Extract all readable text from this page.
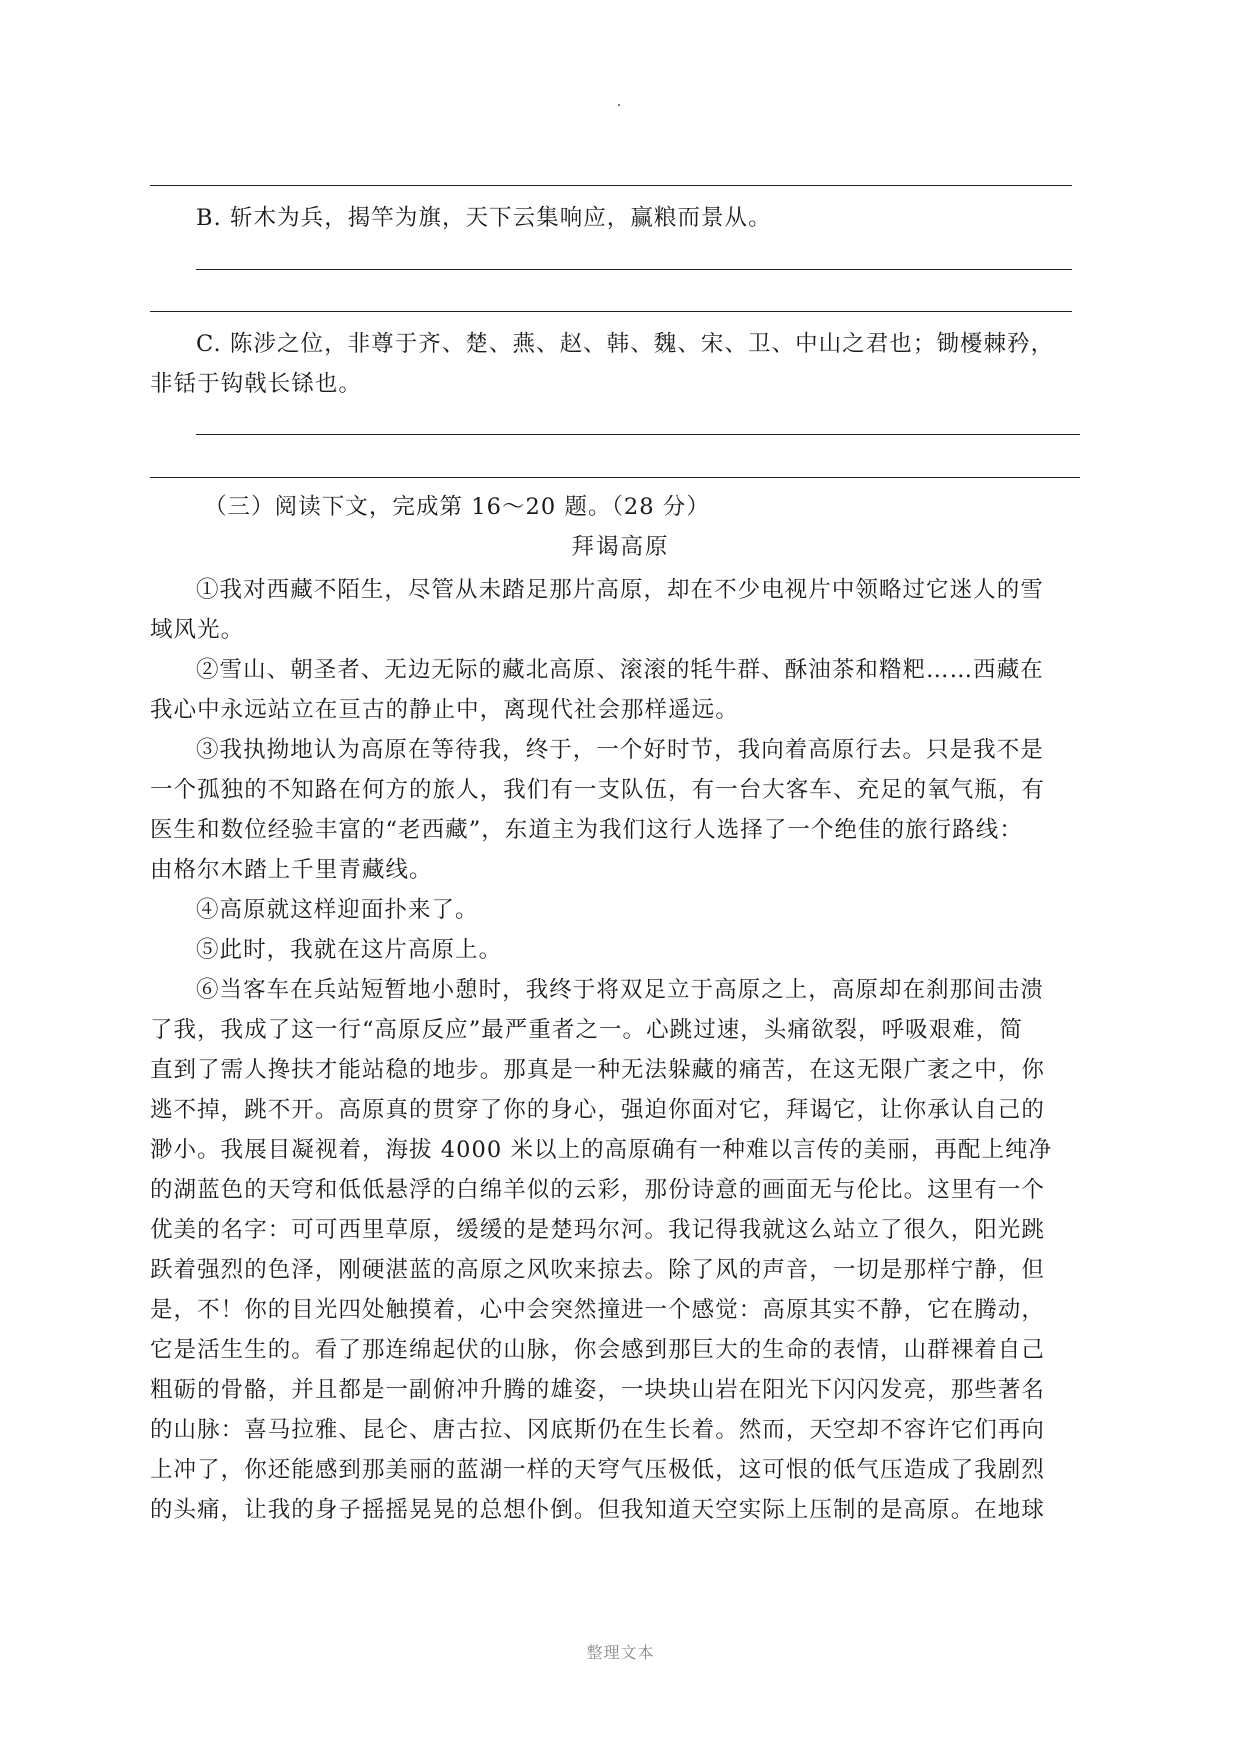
B. 斩木为兵，揭竿为旗，天下云集响应，赢粮而景从。
C. 陈涉之位，非尊于齐、楚、燕、赵、韩、魏、宋、卫、中山之君也；锄櫌棘矜，
非铦于钩戟长铩也。
（三）阅读下文，完成第 16～20 题。（28 分）
拜谒高原
①我对西藏不陌生，尽管从未踏足那片高原，却在不少电视片中领略过它迷人的雪
域风光。
②雪山、朝圣者、无边无际的藏北高原、滚滚的牦牛群、酥油茶和糌粑……西藏在
我心中永远站立在亘古的静止中，离现代社会那样遥远。
③我执拗地认为高原在等待我，终于，一个好时节，我向着高原行去。只是我不是
一个孤独的不知路在何方的旅人，我们有一支队伍，有一台大客车、充足的氧气瓶，有
医生和数位经验丰富的“老西藏”，东道主为我们这行人选择了一个绝佳的旅行路线：
由格尔木踏上千里青藏线。
④高原就这样迎面扑来了。
⑤此时，我就在这片高原上。
⑥当客车在兵站短暂地小憩时，我终于将双足立于高原之上，高原却在刹那间击溃
了我，我成了这一行“高原反应”最严重者之一。心跳过速，头痛欲裂，呼吸艰难，简
直到了需人搀扶才能站稳的地步。那真是一种无法躲藏的痛苦，在这无限广袤之中，你
逃不掉，跳不开。高原真的贯穿了你的身心，强迫你面对它，拜谒它，让你承认自己的
渺小。我展目凝视着，海拔 4000 米以上的高原确有一种难以言传的美丽，再配上纯净
的湖蓝色的天穹和低低悬浮的白绵羊似的云彩，那份诗意的画面无与伦比。这里有一个
优美的名字：可可西里草原，缓缓的是楚玛尔河。我记得我就这么站立了很久，阳光跳
跃着强烈的色泽，刚硬湛蓝的高原之风吹来掠去。除了风的声音，一切是那样宁静，但
是，不！你的目光四处触摸着，心中会突然撞进一个感觉：高原其实不静，它在腾动，
它是活生生的。看了那连绵起伏的山脉，你会感到那巨大的生命的表情，山群裸着自己
粗砺的骨骼，并且都是一副俯冲升腾的雄姿，一块块山岩在阳光下闪闪发亮，那些著名
的山脉：喜马拉雅、昆仑、唐古拉、冈底斯仍在生长着。然而，天空却不容许它们再向
上冲了，你还能感到那美丽的蓝湖一样的天穹气压极低，这可恨的低气压造成了我剧烈
的头痛，让我的身子摇摇晃晃的总想仆倒。但我知道天空实际上压制的是高原。在地球
整理文本
